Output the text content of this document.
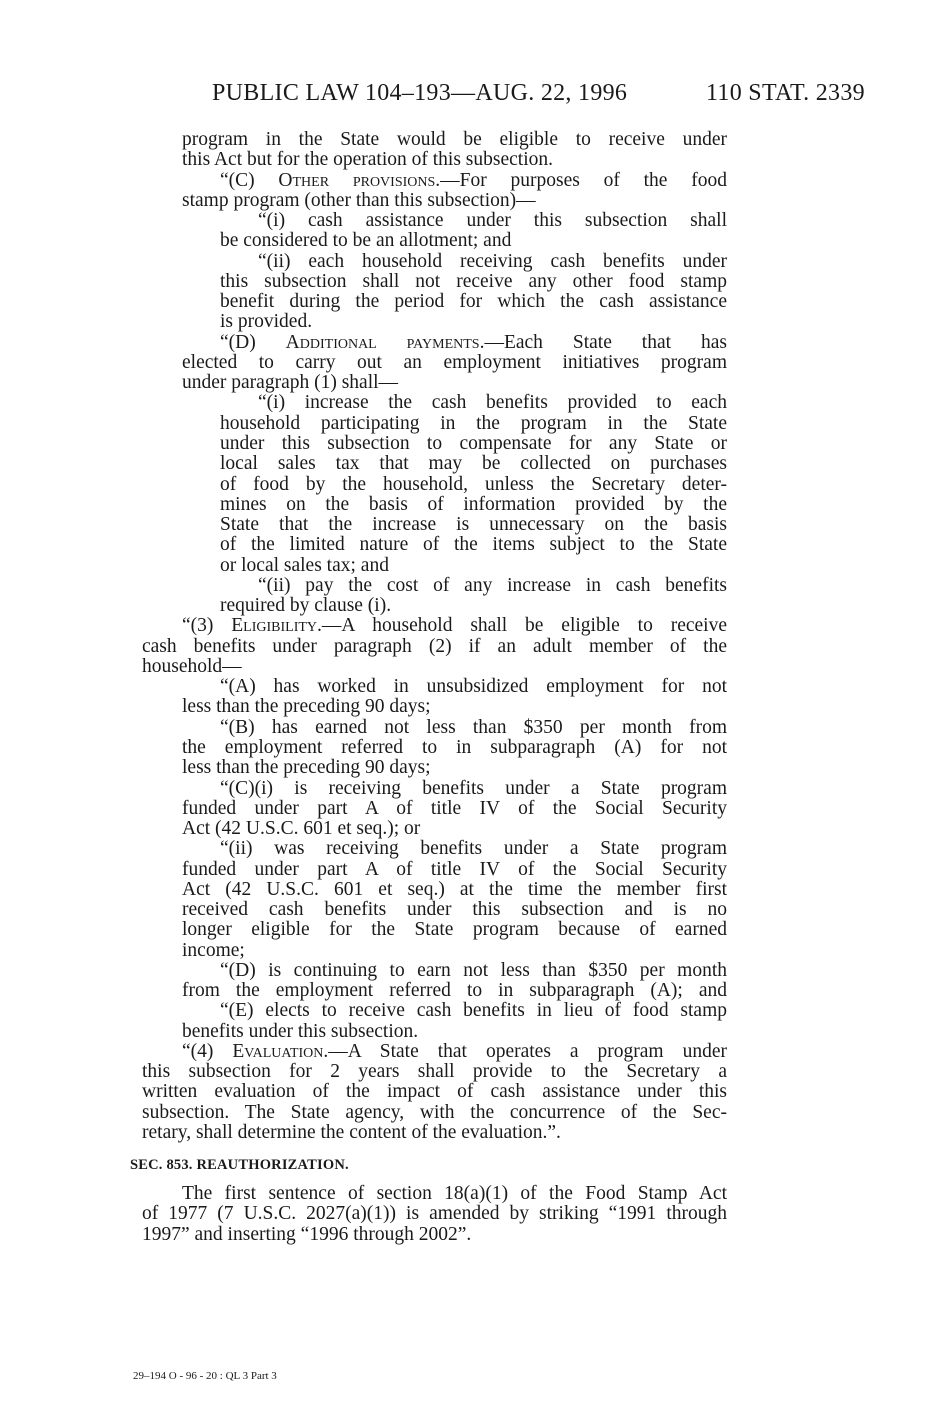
PUBLIC LAW 104–193—AUG. 22, 1996	110 STAT. 2339
program in the State would be eligible to receive under
this Act but for the operation of this subsection.
“(C) Other provisions.—For purposes of the food
stamp program (other than this subsection)—
“(i) cash assistance under this subsection shall
be considered to be an allotment; and
“(ii) each household receiving cash benefits under
this subsection shall not receive any other food stamp
benefit during the period for which the cash assistance
is provided.
“(D) Additional payments.—Each State that has
elected to carry out an employment initiatives program
under paragraph (1) shall—
“(i) increase the cash benefits provided to each
household participating in the program in the State
under this subsection to compensate for any State or
local sales tax that may be collected on purchases
of food by the household, unless the Secretary deter-
mines on the basis of information provided by the
State that the increase is unnecessary on the basis
of the limited nature of the items subject to the State
or local sales tax; and
“(ii) pay the cost of any increase in cash benefits
required by clause (i).
“(3) Eligibility.—A household shall be eligible to receive
cash benefits under paragraph (2) if an adult member of the
household—
“(A) has worked in unsubsidized employment for not
less than the preceding 90 days;
“(B) has earned not less than $350 per month from
the employment referred to in subparagraph (A) for not
less than the preceding 90 days;
“(C)(i) is receiving benefits under a State program
funded under part A of title IV of the Social Security
Act (42 U.S.C. 601 et seq.); or
“(ii) was receiving benefits under a State program
funded under part A of title IV of the Social Security
Act (42 U.S.C. 601 et seq.) at the time the member first
received cash benefits under this subsection and is no
longer eligible for the State program because of earned
income;
“(D) is continuing to earn not less than $350 per month
from the employment referred to in subparagraph (A); and
“(E) elects to receive cash benefits in lieu of food stamp
benefits under this subsection.
“(4) Evaluation.—A State that operates a program under
this subsection for 2 years shall provide to the Secretary a
written evaluation of the impact of cash assistance under this
subsection. The State agency, with the concurrence of the Sec-
retary, shall determine the content of the evaluation.”.
SEC. 853. REAUTHORIZATION.
The first sentence of section 18(a)(1) of the Food Stamp Act
of 1977 (7 U.S.C. 2027(a)(1)) is amended by striking “1991 through
1997” and inserting “1996 through 2002”.
29–194 O - 96 - 20 : QL 3 Part 3
